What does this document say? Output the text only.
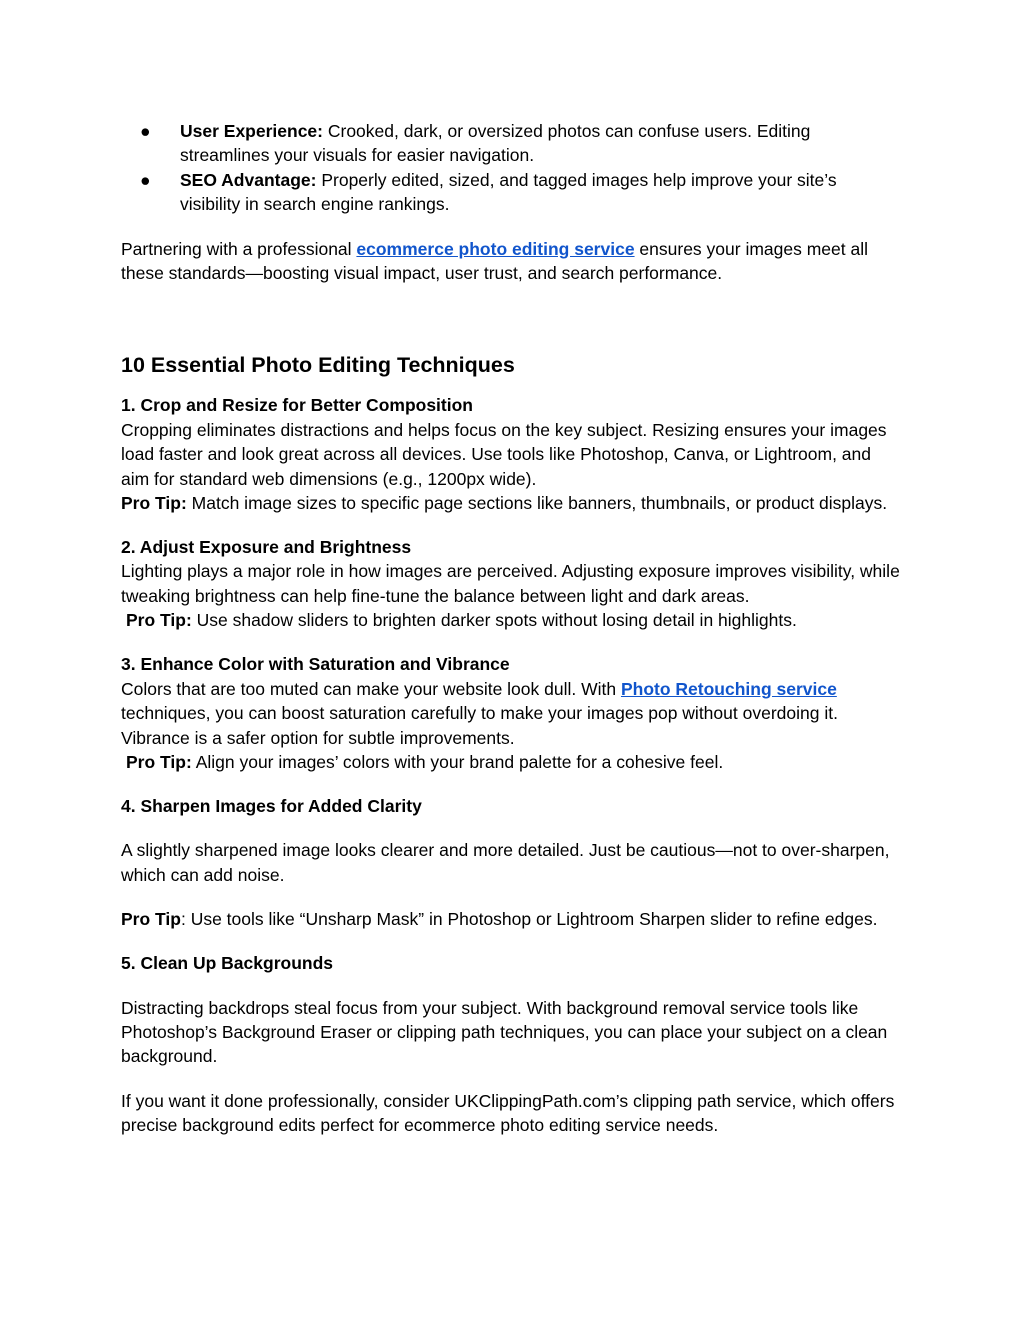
● User Experience: Crooked, dark, or oversized photos can confuse users. Editing streamlines your visuals for easier navigation.
● SEO Advantage: Properly edited, sized, and tagged images help improve your site’s visibility in search engine rankings.

Partnering with a professional ecommerce photo editing service ensures your images meet all these standards—boosting visual impact, user trust, and search performance.

10 Essential Photo Editing Techniques
1. Crop and Resize for Better Composition

Cropping eliminates distractions and helps focus on the key subject. Resizing ensures your images load faster and look great across all devices. Use tools like Photoshop, Canva, or Lightroom, and aim for standard web dimensions (e.g., 1200px wide).

Pro Tip: Match image sizes to specific page sections like banners, thumbnails, or product displays.

2. Adjust Exposure and Brightness

Lighting plays a major role in how images are perceived. Adjusting exposure improves visibility, while tweaking brightness can help fine-tune the balance between light and dark areas.

Pro Tip: Use shadow sliders to brighten darker spots without losing detail in highlights.

3. Enhance Color with Saturation and Vibrance

Colors that are too muted can make your website look dull. With Photo Retouching service techniques, you can boost saturation carefully to make your images pop without overdoing it. Vibrance is a safer option for subtle improvements.

Pro Tip: Align your images’ colors with your brand palette for a cohesive feel.

4. Sharpen Images for Added Clarity

A slightly sharpened image looks clearer and more detailed. Just be cautious—not to over-sharpen, which can add noise.

Pro Tip: Use tools like “Unsharp Mask” in Photoshop or Lightroom Sharpen slider to refine edges.

5. Clean Up Backgrounds

Distracting backdrops steal focus from your subject. With background removal service tools like Photoshop’s Background Eraser or clipping path techniques, you can place your subject on a clean background.

If you want it done professionally, consider UKClippingPath.com’s clipping path service, which offers precise background edits perfect for ecommerce photo editing service needs.
